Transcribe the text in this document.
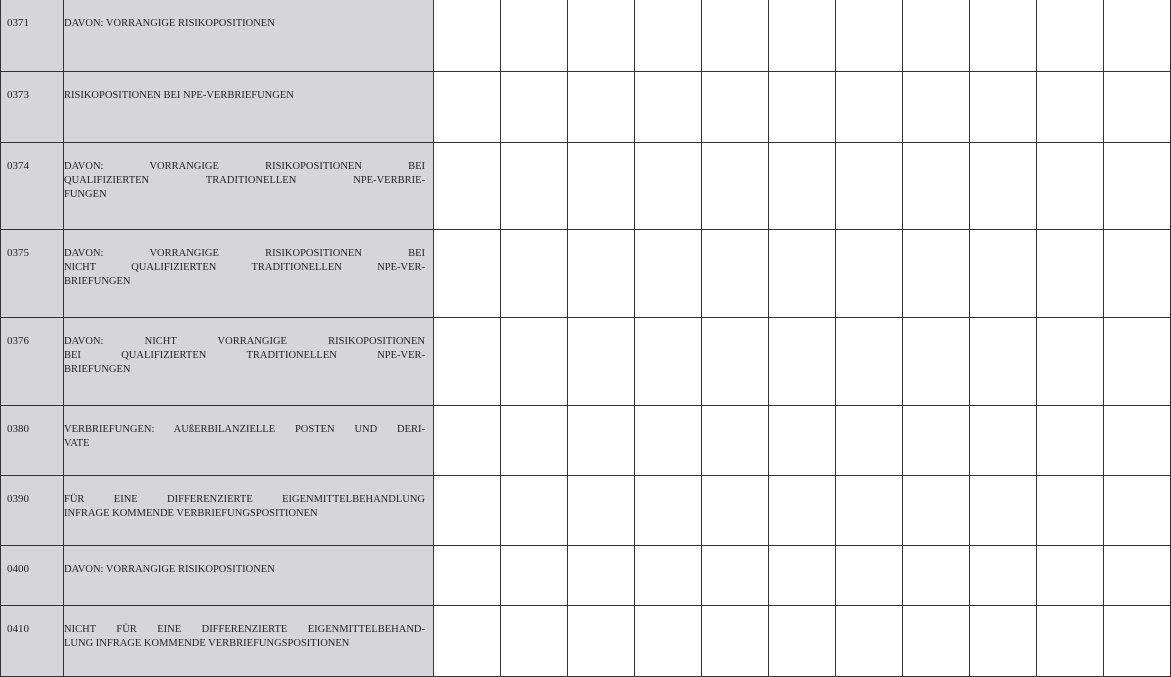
0371	DAVON: VORRANGIGE RISIKOPOSITIONEN												

0373	RISIKOPOSITIONEN BEI NPE-VERBRIEFUNGEN												

0374	DAVON: VORRANGIGE RISIKOPOSITIONEN BEI
QUALIFIZIERTEN TRADITIONELLEN NPE-VERBRIE-
FUNGEN												

0375	DAVON: VORRANGIGE RISIKOPOSITIONEN BEI
NICHT QUALIFIZIERTEN TRADITIONELLEN NPE-VER-
BRIEFUNGEN												

0376	DAVON: NICHT VORRANGIGE RISIKOPOSITIONEN
BEI QUALIFIZIERTEN TRADITIONELLEN NPE-VER-
BRIEFUNGEN												

0380	VERBRIEFUNGEN: AUßERBILANZIELLE POSTEN UND DERI-
VATE												

0390	FÜR EINE DIFFERENZIERTE EIGENMITTELBEHANDLUNG
INFRAGE KOMMENDE VERBRIEFUNGSPOSITIONEN												

0400	DAVON: VORRANGIGE RISIKOPOSITIONEN												

0410	NICHT FÜR EINE DIFFERENZIERTE EIGENMITTELBEHAND-
LUNG INFRAGE KOMMENDE VERBRIEFUNGSPOSITIONEN												
